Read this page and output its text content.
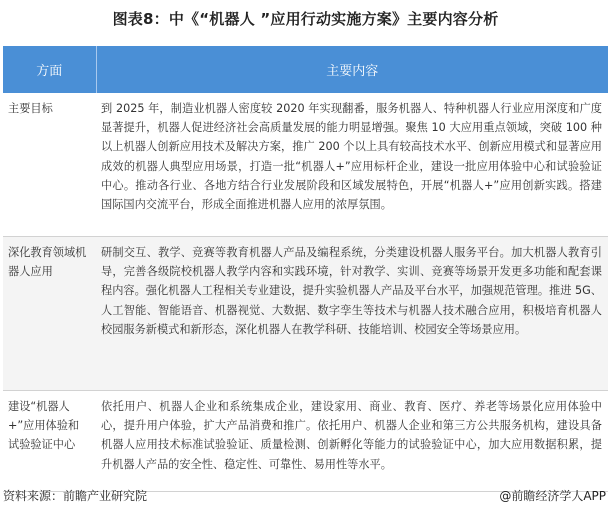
图表8：中《“机器人 ”应用行动实施方案》主要内容分析
方面	主要内容
主要目标	到 2025 年，制造业机器人密度较 2020 年实现翻番，服务机器人、特种机器人行业应用深度和广度显著提升，机器人促进经济社会高质量发展的能力明显增强。聚焦 10 大应用重点领域，突破 100 种以上机器人创新应用技术及解决方案，推广 200 个以上具有较高技术水平、创新应用模式和显著应用成效的机器人典型应用场景，打造一批“机器人+”应用标杆企业，建设一批应用体验中心和试验验证中心。推动各行业、各地方结合行业发展阶段和区域发展特色，开展“机器人+”应用创新实践。搭建国际国内交流平台，形成全面推进机器人应用的浓厚氛围。
深化教育领域机器人应用	研制交互、教学、竞赛等教育机器人产品及编程系统，分类建设机器人服务平台。加大机器人教育引导，完善各级院校机器人教学内容和实践环境，针对教学、实训、竞赛等场景开发更多功能和配套课程内容。强化机器人工程相关专业建设，提升实验机器人产品及平台水平，加强规范管理。推进 5G、人工智能、智能语音、机器视觉、大数据、数字孪生等技术与机器人技术融合应用，积极培育机器人校园服务新模式和新形态，深化机器人在教学科研、技能培训、校园安全等场景应用。
建设“机器人+”应用体验和试验验证中心	依托用户、机器人企业和系统集成企业，建设家用、商业、教育、医疗、养老等场景化应用体验中心，提升用户体验，扩大产品消费和推广。依托用户、机器人企业和第三方公共服务机构，建设具备机器人应用技术标准试验验证、质量检测、创新孵化等能力的试验验证中心，加大应用数据积累，提升机器人产品的安全性、稳定性、可靠性、易用性等水平。
资料来源：前瞻产业研究院	@前瞻经济学人APP
